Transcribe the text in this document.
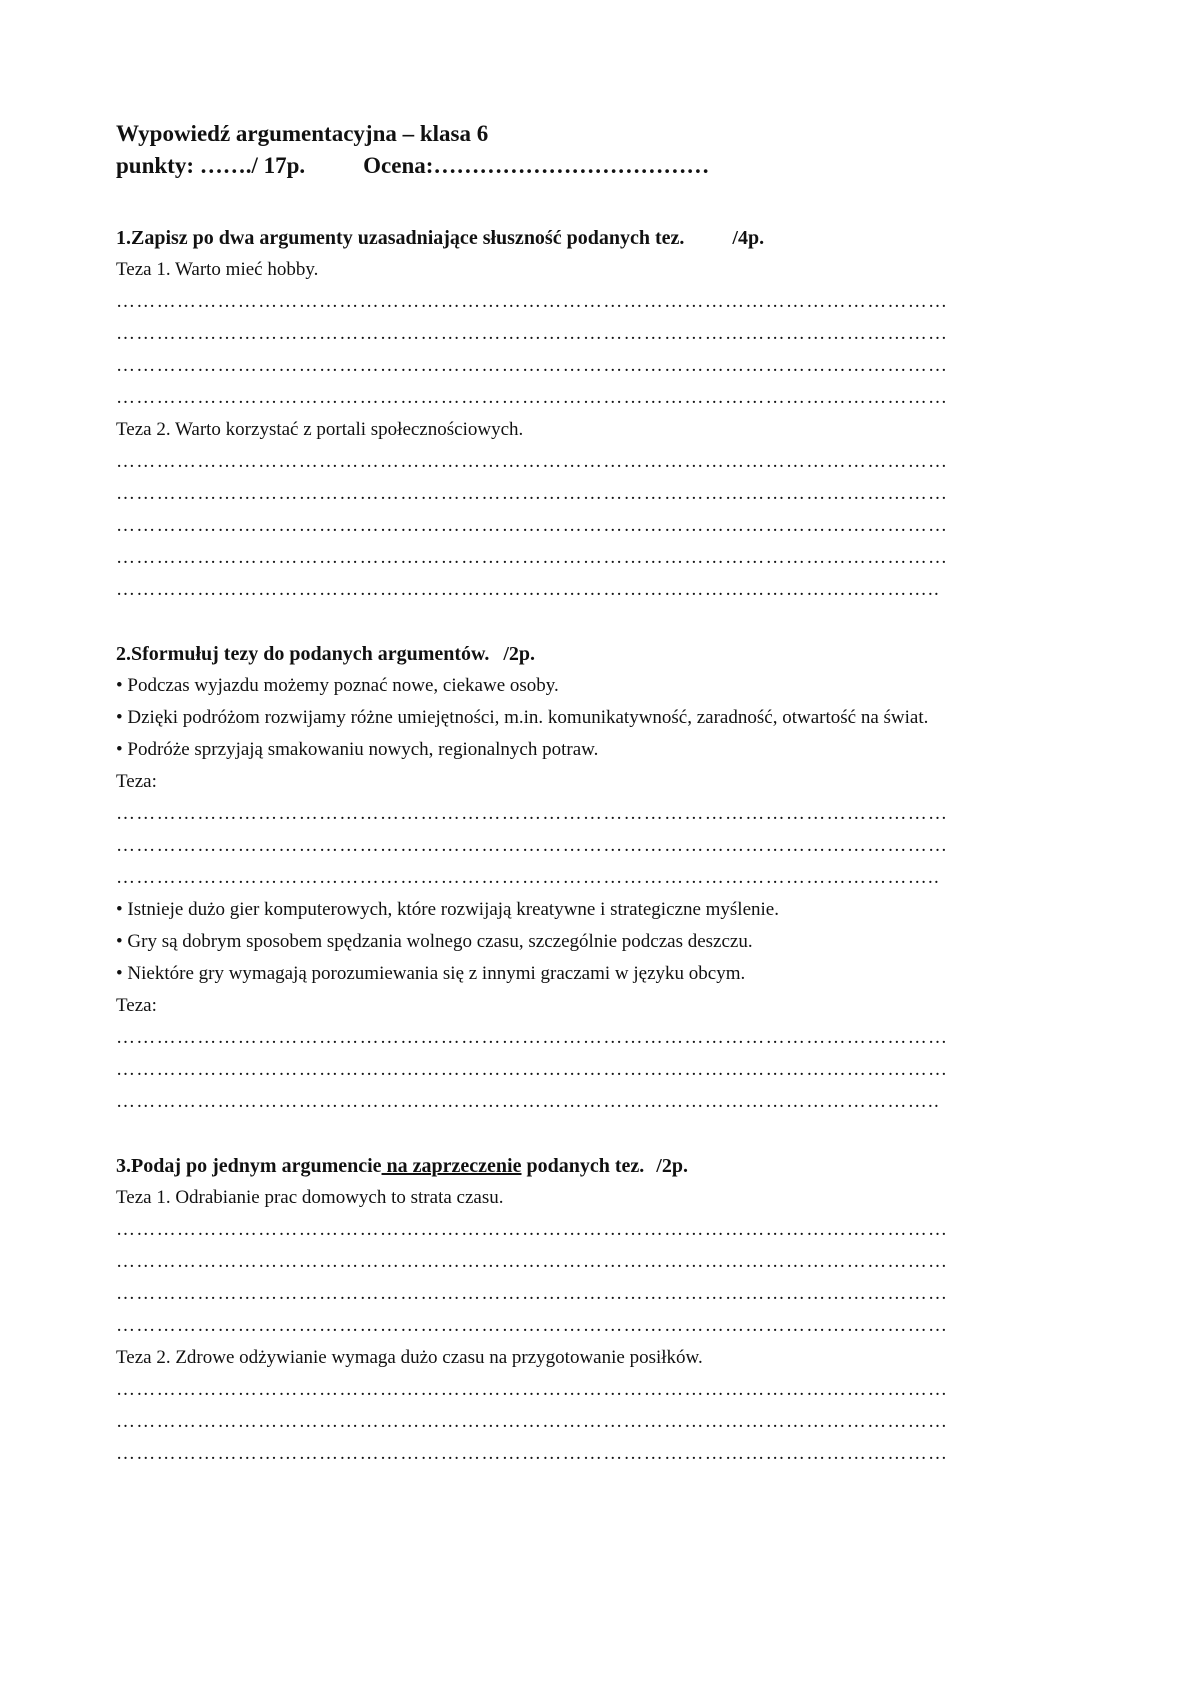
Wypowiedź argumentacyjna – klasa 6
punkty: ……./ 17p.	Ocena:………………………………
1.Zapisz po dwa argumenty uzasadniające słuszność podanych tez. /4p.
Teza 1. Warto mieć hobby.
……………………………………………………………………………………………………………
……………………………………………………………………………………………………………
……………………………………………………………………………………………………………
……………………………………………………………………………………………………………
Teza 2. Warto korzystać z portali społecznościowych.
……………………………………………………………………………………………………………
……………………………………………………………………………………………………………
……………………………………………………………………………………………………………
……………………………………………………………………………………………………………
…………………………………………………………………………………………………………..
2.Sformułuj tezy do podanych argumentów. /2p.
• Podczas wyjazdu możemy poznać nowe, ciekawe osoby.
• Dzięki podróżom rozwijamy różne umiejętności, m.in. komunikatywność, zaradność, otwartość na świat.
• Podróże sprzyjają smakowaniu nowych, regionalnych potraw.
Teza:
……………………………………………………………………………………………………………
……………………………………………………………………………………………………………
…………………………………………………………………………………………………………..
• Istnieje dużo gier komputerowych, które rozwijają kreatywne i strategiczne myślenie.
• Gry są dobrym sposobem spędzania wolnego czasu, szczególnie podczas deszczu.
• Niektóre gry wymagają porozumiewania się z innymi graczami w języku obcym.
Teza:
……………………………………………………………………………………………………………
……………………………………………………………………………………………………………
…………………………………………………………………………………………………………..
3.Podaj po jednym argumencie na zaprzeczenie podanych tez. /2p.
Teza 1. Odrabianie prac domowych to strata czasu.
……………………………………………………………………………………………………………
……………………………………………………………………………………………………………
……………………………………………………………………………………………………………
……………………………………………………………………………………………………………
Teza 2. Zdrowe odżywianie wymaga dużo czasu na przygotowanie posiłków.
……………………………………………………………………………………………………………
……………………………………………………………………………………………………………
……………………………………………………………………………………………………………
